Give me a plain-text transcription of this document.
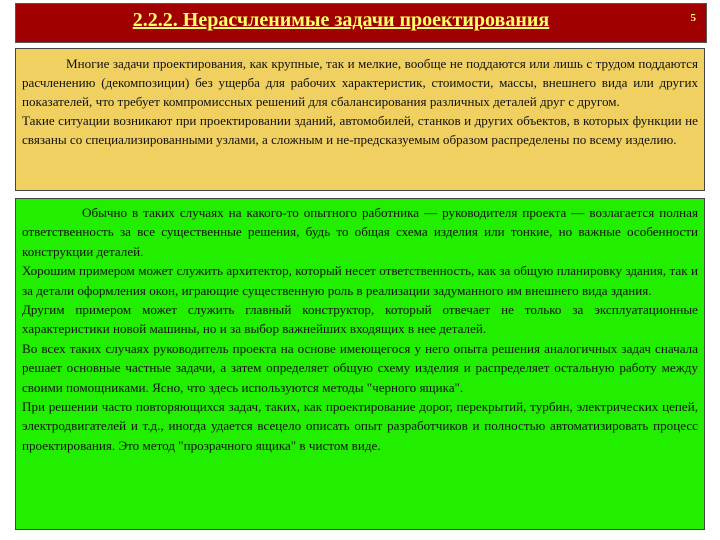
2.2.2. Нерасчленимые задачи проектирования	5

Многие задачи проектирования, как крупные, так и мелкие, вообще не поддаются или лишь с трудом поддаются расчленению (декомпозиции) без ущерба для рабочих характеристик, стоимости, массы, внешнего вида или других показателей, что требует компромиссных решений для сбалансирования различных деталей друг с другом.

Такие ситуации возникают при проектировании зданий, автомобилей, станков и других объектов, в которых функции не связаны со специализированными узлами, а сложным и не-предсказуемым образом распределены по всему изделию.

Обычно в таких случаях на какого-то опытного работника — руководителя проекта — возлагается полная ответственность за все существенные решения, будь то общая схема изделия или тонкие, но важные особенности конструкции деталей.

Хорошим примером может служить архитектор, который несет ответственность, как за общую планировку здания, так и за детали оформления окон, играющие существенную роль в реализации задуманного им внешнего вида здания.

Другим примером может служить главный конструктор, который отвечает не только за эксплуатационные характеристики новой машины, но и за выбор важнейших входящих в нее деталей.

Во всех таких случаях руководитель проекта на основе имеющегося у него опыта решения аналогичных задач сначала решает основные частные задачи, а затем определяет общую схему изделия и распределяет остальную работу между своими помощниками. Ясно, что здесь используются методы "черного ящика".

При решении часто повторяющихся задач, таких, как проектирование дорог, перекрытий, турбин, электрических цепей, электродвигателей и т.д., иногда удается всецело описать опыт разработчиков и полностью автоматизировать процесс проектирования. Это метод "прозрачного ящика" в чистом виде.
